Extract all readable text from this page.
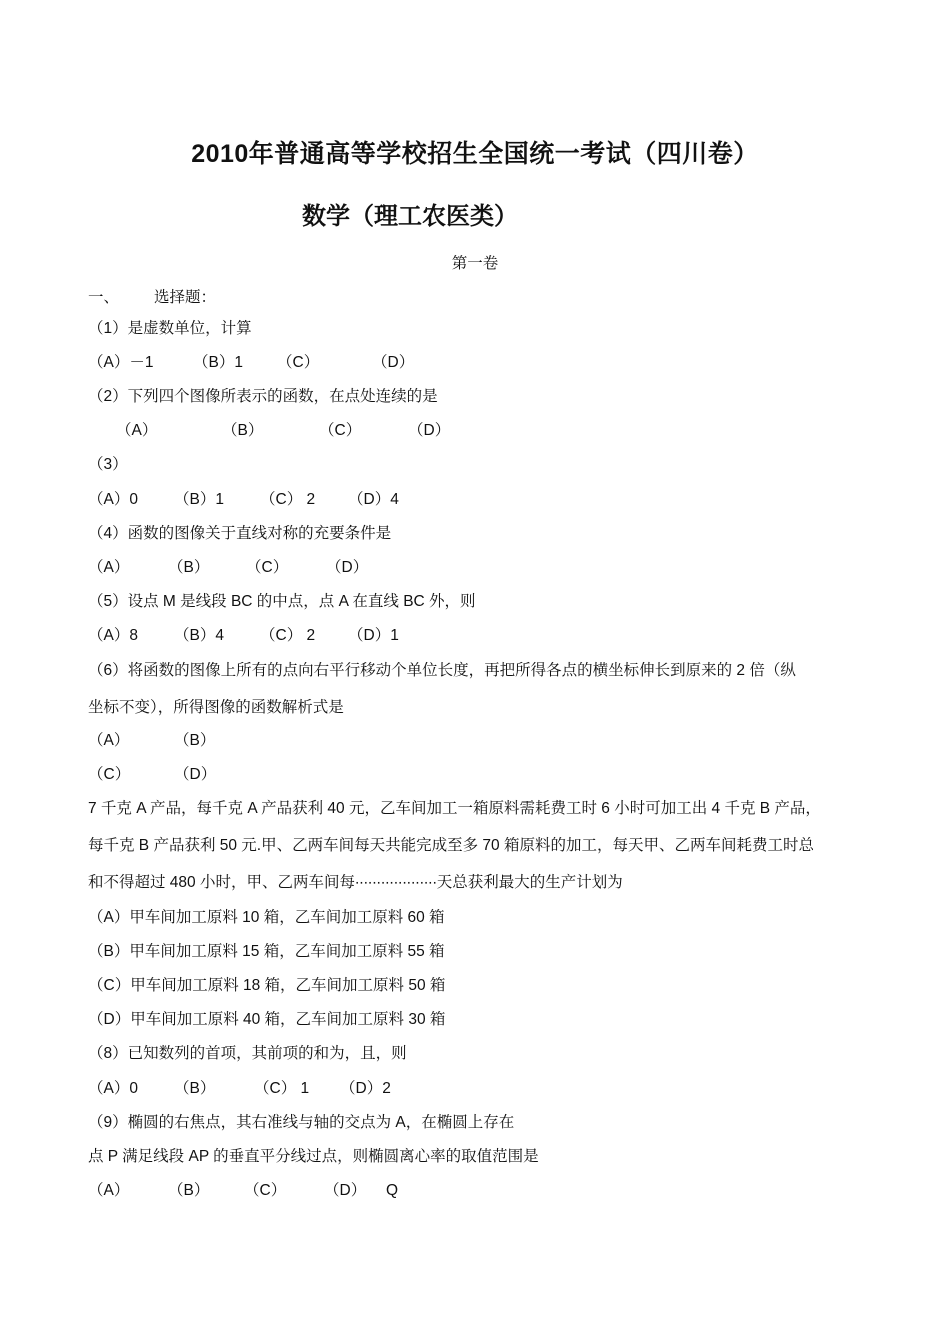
2010年普通高等学校招生全国统一考试（四川卷）
数学（理工农医类）
第一卷
一、 选择题：
（1）是虚数单位，计算
（A）－1	（B）1 （C）	（D）
（2）下列四个图像所表示的函数，在点处连续的是
（A）	（B）	（C）	（D）
（3）
（A）0 （B）1 （C） 2 （D）4
（4）函数的图像关于直线对称的充要条件是
（A） （B） （C） （D）
（5）设点 M 是线段 BC 的中点，点 A 在直线 BC 外，则
（A）8 （B）4 （C） 2 （D）1
（6）将函数的图像上所有的点向右平行移动个单位长度，再把所得各点的横坐标伸长到原来的 2 倍（纵
坐标不变），所得图像的函数解析式是
（A）	（B）
（C）	（D）
7 千克 A 产品，每千克 A 产品获利 40 元，乙车间加工一箱原料需耗费工时 6 小时可加工出 4 千克 B 产品，
每千克 B 产品获利 50 元.甲、乙两车间每天共能完成至多 70 箱原料的加工，每天甲、乙两车间耗费工时总
和不得超过 480 小时，甲、乙两车间每∙∙∙∙∙∙∙∙∙∙∙∙∙∙∙∙∙∙∙天总获利最大的生产计划为
（A）甲车间加工原料 10 箱，乙车间加工原料 60 箱
（B）甲车间加工原料 15 箱，乙车间加工原料 55 箱
（C）甲车间加工原料 18 箱，乙车间加工原料 50 箱
（D）甲车间加工原料 40 箱，乙车间加工原料 30 箱
（8）已知数列的首项，其前项的和为，且，则
（A）0 （B） （C） 1 （D）2
（9）椭圆的右焦点，其右准线与轴的交点为 A，在椭圆上存在
点 P 满足线段 AP 的垂直平分线过点，则椭圆离心率的取值范围是
（A） （B） （C） （D） Q
